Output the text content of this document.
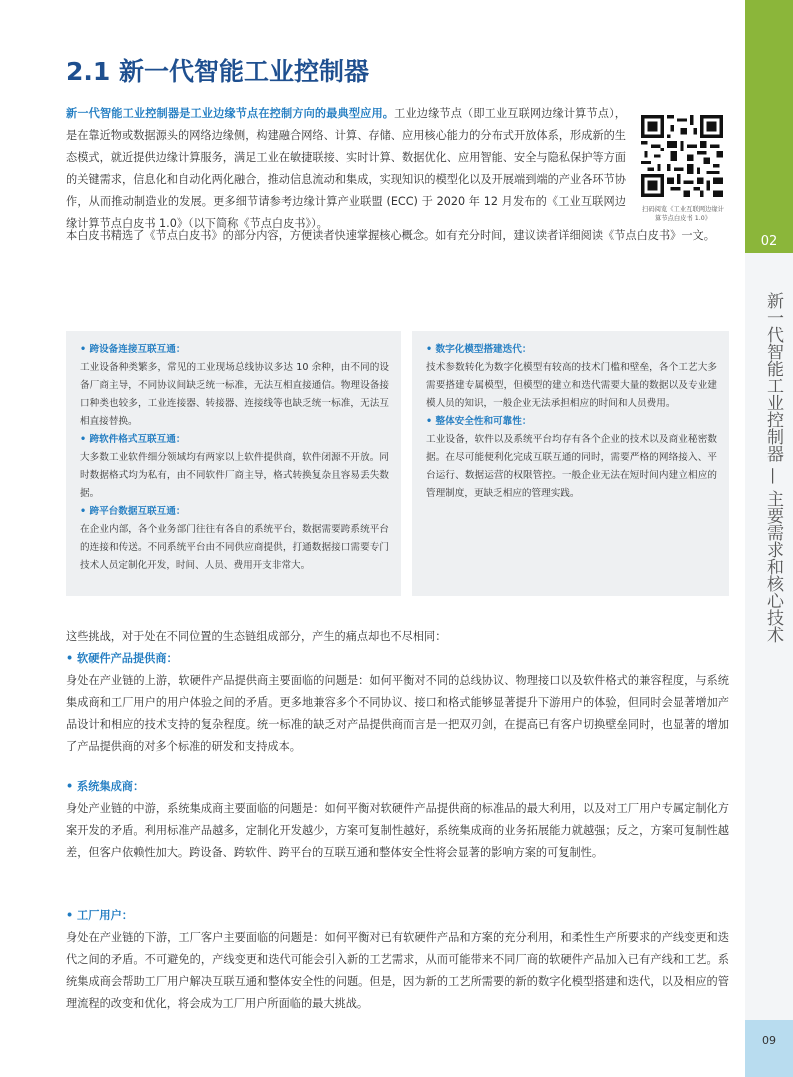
2.1 新一代智能工业控制器
新一代智能工业控制器是工业边缘节点在控制方向的最典型应用。工业边缘节点（即工业互联网边缘计算节点），是在靠近物或数据源头的网络边缘侧，构建融合网络、计算、存储、应用核心能力的分布式开放体系，形成新的生态模式，就近提供边缘计算服务，满足工业在敏捷联接、实时计算、数据优化、应用智能、安全与隐私保护等方面的关键需求，信息化和自动化两化融合，推动信息流动和集成，实现知识的模型化以及开展端到端的产业各环节协作，从而推动制造业的发展。更多细节请参考边缘计算产业联盟 (ECC) 于 2020 年 12 月发布的《工业互联网边缘计算节点白皮书 1.0》（以下简称《节点白皮书》）。
扫码阅览《工业互联网边缘计算节点白皮书 1.0》
本白皮书精选了《节点白皮书》的部分内容，方便读者快速掌握核心概念。如有充分时间，建议读者详细阅读《节点白皮书》一文。
• 跨设备连接互联互通：
工业设备种类繁多，常见的工业现场总线协议多达 10 余种，由不同的设备厂商主导，不同协议间缺乏统一标准，无法互相直接通信。物理设备接口种类也较多，工业连接器、转接器、连接线等也缺乏统一标准，无法互相直接替换。
• 跨软件格式互联互通：
大多数工业软件细分领域均有两家以上软件提供商，软件闭源不开放。同时数据格式均为私有，由不同软件厂商主导，格式转换复杂且容易丢失数据。
• 跨平台数据互联互通：
在企业内部，各个业务部门往往有各自的系统平台，数据需要跨系统平台的连接和传送。不同系统平台由不同供应商提供，打通数据接口需要专门技术人员定制化开发，时间、人员、费用开支非常大。
• 数字化模型搭建迭代：
技术参数转化为数字化模型有较高的技术门槛和壁垒，各个工艺大多需要搭建专属模型，但模型的建立和迭代需要大量的数据以及专业建模人员的知识，一般企业无法承担相应的时间和人员费用。
• 整体安全性和可靠性：
工业设备，软件以及系统平台均存有各个企业的技术以及商业秘密数据。在尽可能便利化完成互联互通的同时，需要严格的网络接入、平台运行、数据运营的权限管控。一般企业无法在短时间内建立相应的管理制度，更缺乏相应的管理实践。
这些挑战，对于处在不同位置的生态链组成部分，产生的痛点却也不尽相同：
• 软硬件产品提供商：
身处在产业链的上游，软硬件产品提供商主要面临的问题是：如何平衡对不同的总线协议、物理接口以及软件格式的兼容程度，与系统集成商和工厂用户的用户体验之间的矛盾。更多地兼容多个不同协议、接口和格式能够显著提升下游用户的体验，但同时会显著增加产品设计和相应的技术支持的复杂程度。统一标准的缺乏对产品提供商而言是一把双刃剑，在提高已有客户切换壁垒同时，也显著的增加了产品提供商的对多个标准的研发和支持成本。
• 系统集成商：
身处产业链的中游，系统集成商主要面临的问题是：如何平衡对软硬件产品提供商的标准品的最大利用，以及对工厂用户专属定制化方案开发的矛盾。利用标准产品越多，定制化开发越少，方案可复制性越好，系统集成商的业务拓展能力就越强；反之，方案可复制性越差，但客户依赖性加大。跨设备、跨软件、跨平台的互联互通和整体安全性将会显著的影响方案的可复制性。
• 工厂用户：
身处在产业链的下游，工厂客户主要面临的问题是：如何平衡对已有软硬件产品和方案的充分利用，和柔性生产所要求的产线变更和迭代之间的矛盾。不可避免的，产线变更和迭代可能会引入新的工艺需求，从而可能带来不同厂商的软硬件产品加入已有产线和工艺。系统集成商会帮助工厂用户解决互联互通和整体安全性的问题。但是，因为新的工艺所需要的新的数字化模型搭建和迭代，以及相应的管理流程的改变和优化，将会成为工厂用户所面临的最大挑战。
02
新一代智能工业控制器 — 主要需求和核心技术
09
